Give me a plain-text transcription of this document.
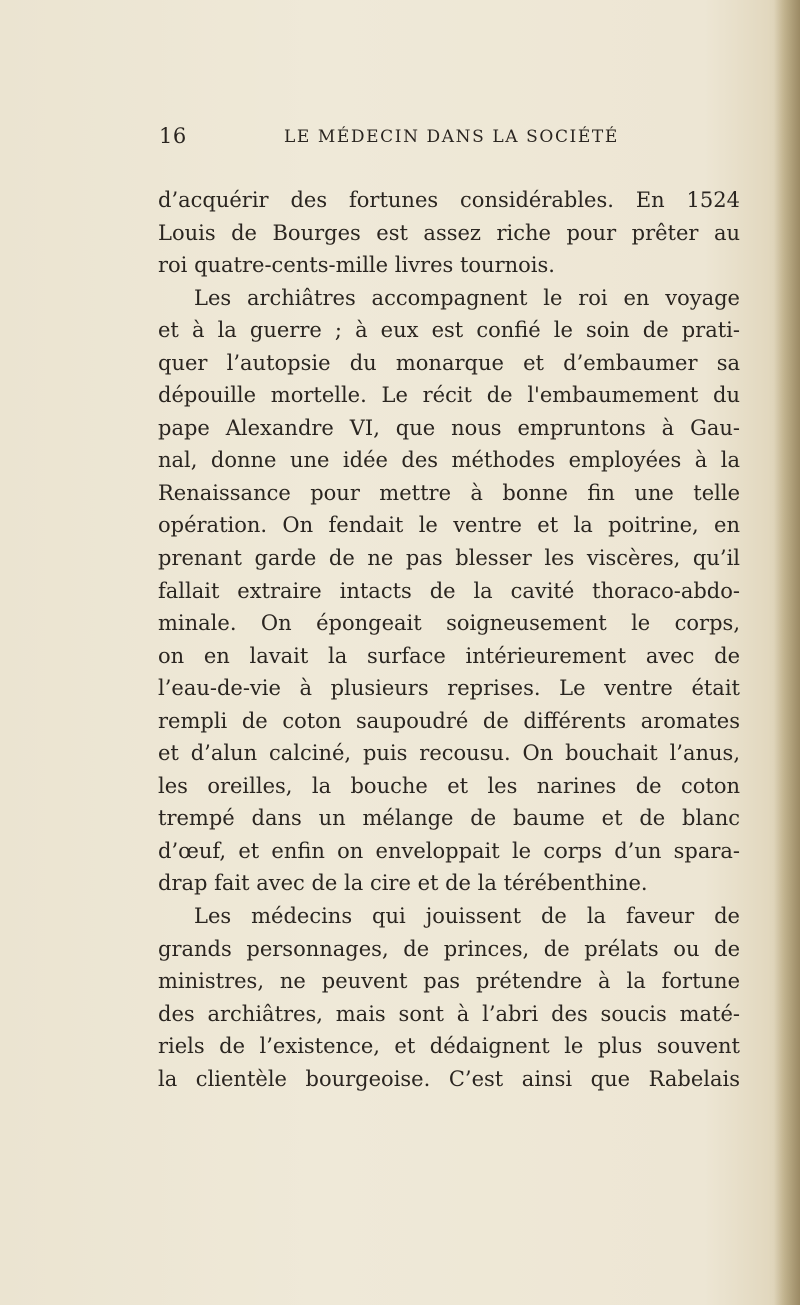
16	LE MÉDECIN DANS LA SOCIÉTÉ
d’acquérir des fortunes considérables. En 1524
Louis de Bourges est assez riche pour prêter au
roi quatre-cents-mille livres tournois.
Les archiâtres accompagnent le roi en voyage
et à la guerre ; à eux est confié le soin de prati-
quer l’autopsie du monarque et d’embaumer sa
dépouille mortelle. Le récit de l'embaumement du
pape Alexandre VI, que nous empruntons à Gau-
nal, donne une idée des méthodes employées à la
Renaissance pour mettre à bonne fin une telle
opération. On fendait le ventre et la poitrine, en
prenant garde de ne pas blesser les viscères, qu’il
fallait extraire intacts de la cavité thoraco-abdo-
minale. On épongeait soigneusement le corps,
on en lavait la surface intérieurement avec de
l’eau-de-vie à plusieurs reprises. Le ventre était
rempli de coton saupoudré de différents aromates
et d’alun calciné, puis recousu. On bouchait l’anus,
les oreilles, la bouche et les narines de coton
trempé dans un mélange de baume et de blanc
d’œuf, et enfin on enveloppait le corps d’un spara-
drap fait avec de la cire et de la térébenthine.
Les médecins qui jouissent de la faveur de
grands personnages, de princes, de prélats ou de
ministres, ne peuvent pas prétendre à la fortune
des archiâtres, mais sont à l’abri des soucis maté-
riels de l’existence, et dédaignent le plus souvent
la clientèle bourgeoise. C’est ainsi que Rabelais
